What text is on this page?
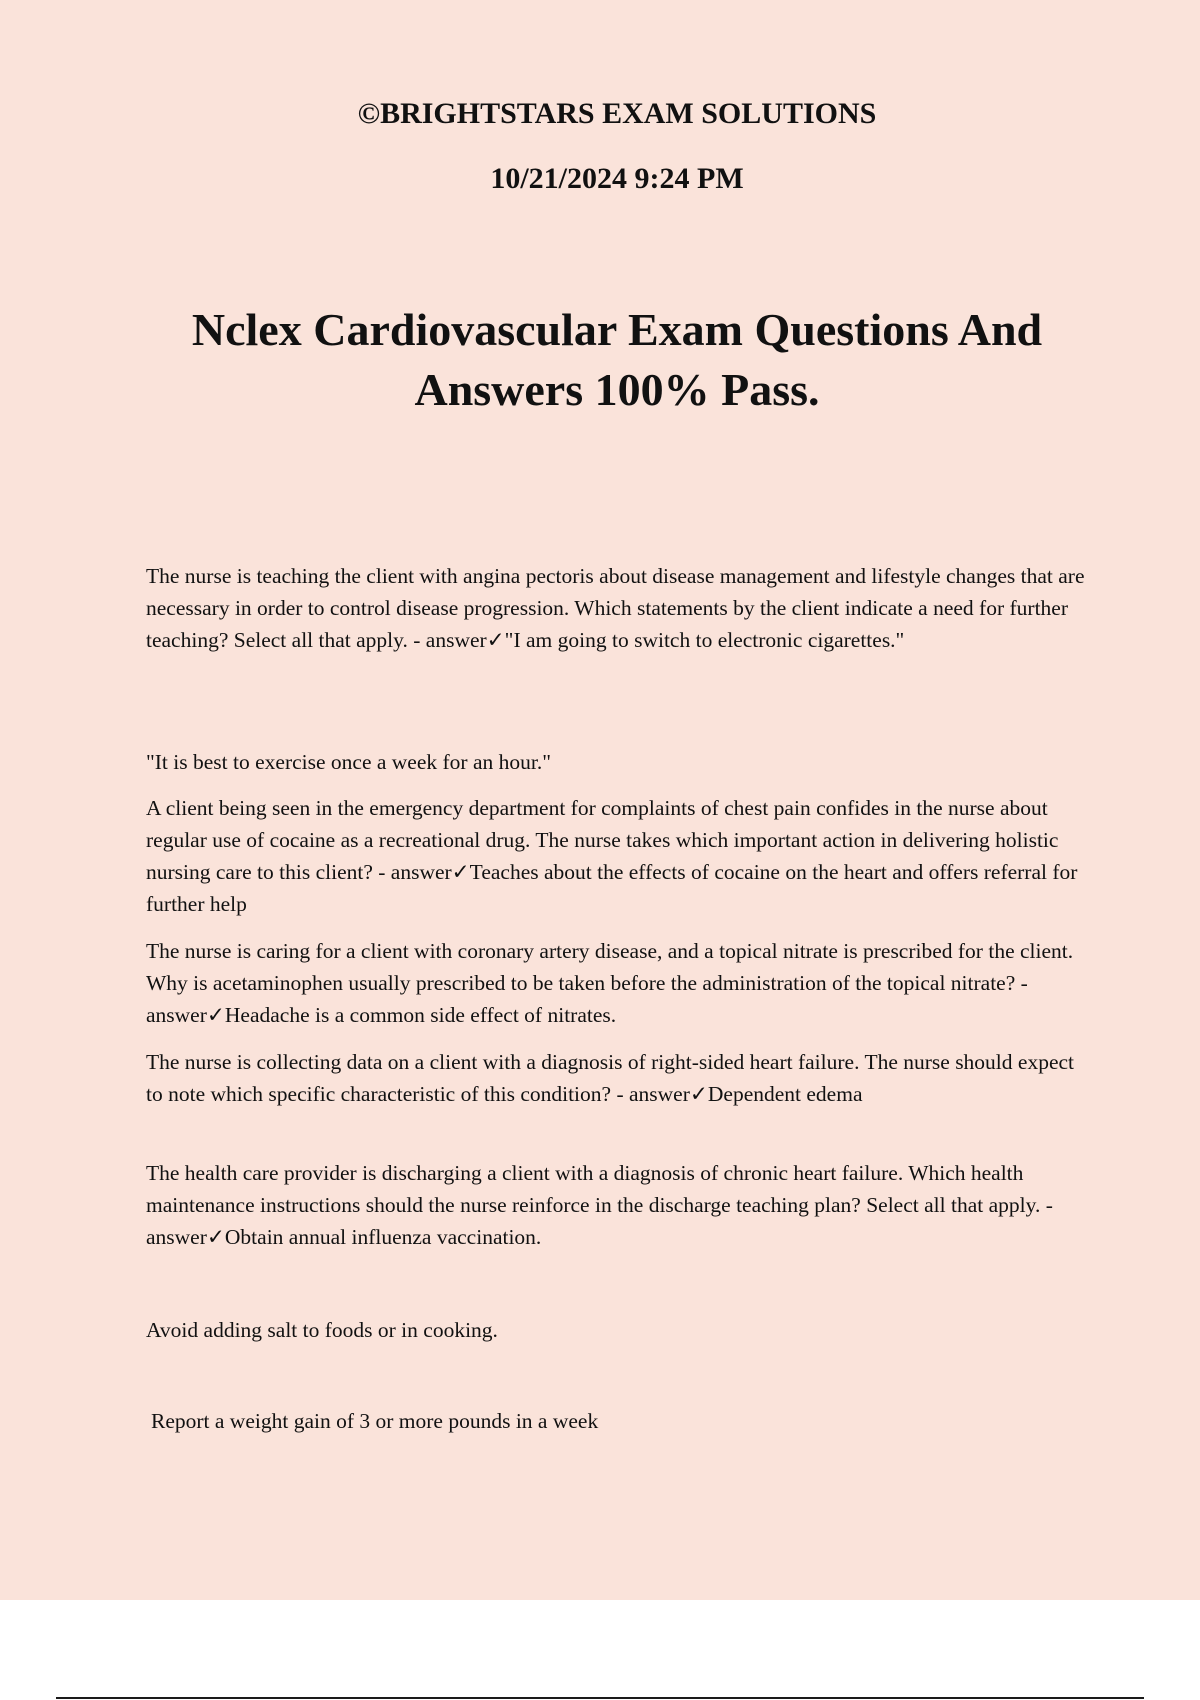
©BRIGHTSTARS EXAM SOLUTIONS
10/21/2024 9:24 PM
Nclex Cardiovascular Exam Questions And
Answers 100% Pass.

The nurse is teaching the client with angina pectoris about disease management and lifestyle changes that are necessary in order to control disease progression. Which statements by the client indicate a need for further teaching? Select all that apply. - answer✓"I am going to switch to electronic cigarettes."

"It is best to exercise once a week for an hour."

A client being seen in the emergency department for complaints of chest pain confides in the nurse about regular use of cocaine as a recreational drug. The nurse takes which important action in delivering holistic nursing care to this client? - answer✓Teaches about the effects of cocaine on the heart and offers referral for further help

The nurse is caring for a client with coronary artery disease, and a topical nitrate is prescribed for the client. Why is acetaminophen usually prescribed to be taken before the administration of the topical nitrate? - answer✓Headache is a common side effect of nitrates.

The nurse is collecting data on a client with a diagnosis of right-sided heart failure. The nurse should expect to note which specific characteristic of this condition? - answer✓Dependent edema

The health care provider is discharging a client with a diagnosis of chronic heart failure. Which health maintenance instructions should the nurse reinforce in the discharge teaching plan? Select all that apply. - answer✓Obtain annual influenza vaccination.

Avoid adding salt to foods or in cooking.

Report a weight gain of 3 or more pounds in a week
